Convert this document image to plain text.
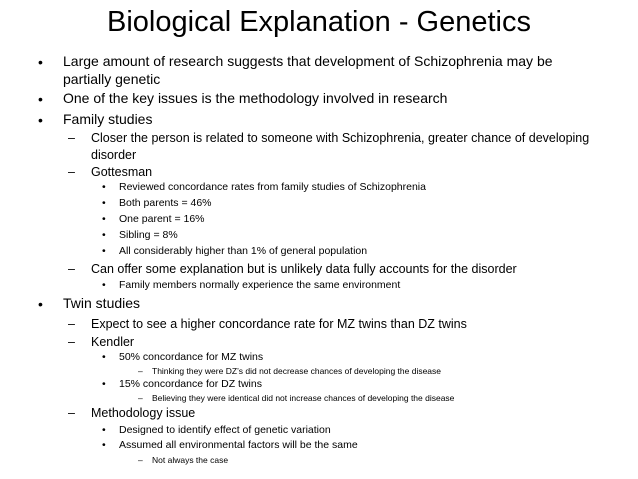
Biological Explanation - Genetics
• Large amount of research suggests that development of Schizophrenia may be
partially genetic
• One of the key issues is the methodology involved in research
• Family studies
– Closer the person is related to someone with Schizophrenia, greater chance of developing
disorder
– Gottesman
• Reviewed concordance rates from family studies of Schizophrenia
• Both parents = 46%
• One parent = 16%
• Sibling = 8%
• All considerably higher than 1% of general population
– Can offer some explanation but is unlikely data fully accounts for the disorder
• Family members normally experience the same environment
• Twin studies
– Expect to see a higher concordance rate for MZ twins than DZ twins
– Kendler
• 50% concordance for MZ twins
– Thinking they were DZ’s did not decrease chances of developing the disease
• 15% concordance for DZ twins
– Believing they were identical did not increase chances of developing the disease
– Methodology issue
• Designed to identify effect of genetic variation
• Assumed all environmental factors will be the same
– Not always the case
